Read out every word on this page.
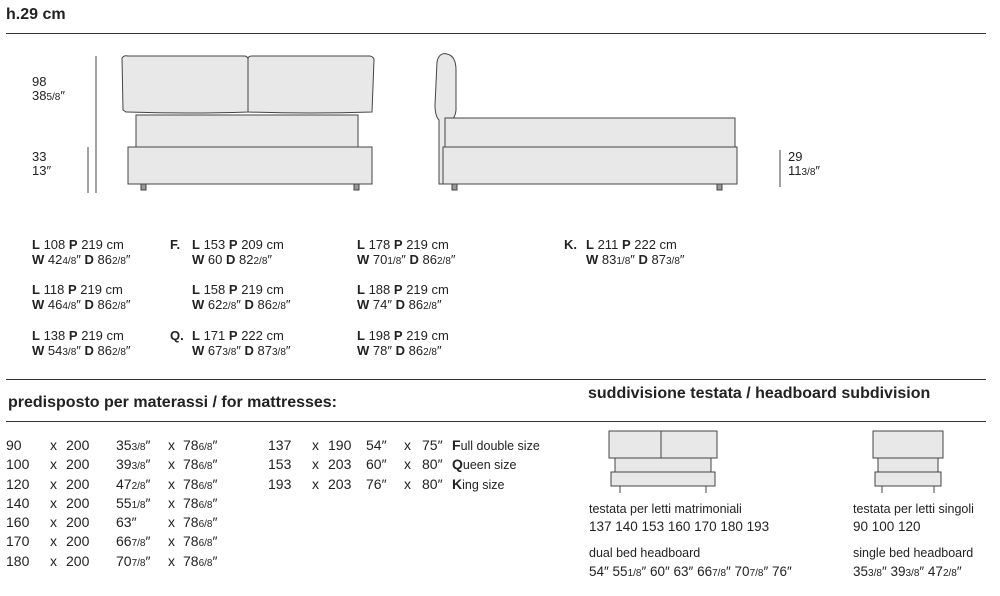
h.29 cm
98
385/8″
33
13″
29
113/8″
L 108 P 219 cm
W 424/8″ D 862/8″
L 118 P 219 cm
W 464/8″ D 862/8″
L 138 P 219 cm
W 543/8″ D 862/8″
F. L 153 P 209 cm
W 60 D 822/8″
L 158 P 219 cm
W 622/8″ D 862/8″
Q. L 171 P 222 cm
W 673/8″ D 873/8″
L 178 P 219 cm
W 701/8″ D 862/8″
L 188 P 219 cm
W 74″ D 862/8″
L 198 P 219 cm
W 78″ D 862/8″
K. L 211 P 222 cm
W 831/8″ D 873/8″
predisposto per materassi / for mattresses:
suddivisione testata / headboard subdivision
90 x 200 353/8″ x 786/8″
100 x 200 393/8″ x 786/8″
120 x 200 472/8″ x 786/8″
140 x 200 551/8″ x 786/8″
160 x 200 63″ x 786/8″
170 x 200 667/8″ x 786/8″
180 x 200 707/8″ x 786/8″
137 x 190 54″ x 75″ Full double size
153 x 203 60″ x 80″ Queen size
193 x 203 76″ x 80″ King size
testata per letti matrimoniali
137 140 153 160 170 180 193
dual bed headboard
54″ 551/8″ 60″ 63″ 667/8″ 707/8″ 76″
testata per letti singoli
90 100 120
single bed headboard
353/8″ 393/8″ 472/8″
